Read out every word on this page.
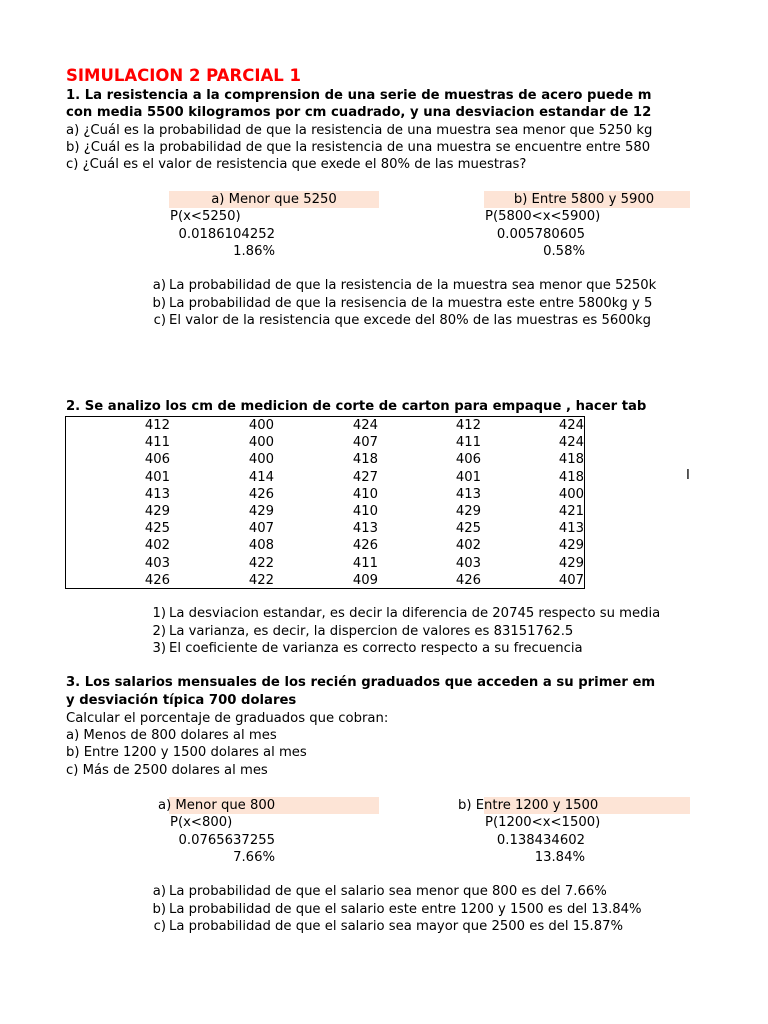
SIMULACION 2 PARCIAL 1
1. La resistencia a la comprension de una serie de muestras de acero puede m
con media 5500 kilogramos por cm cuadrado, y una desviacion estandar de 12
a) ¿Cuál es la probabilidad de que la resistencia de una muestra sea menor que 5250 kg
b) ¿Cuál es la probabilidad de que la resistencia de una muestra se encuentre entre 580
c) ¿Cuál es el valor de resistencia que exede el 80% de las muestras?
a) Menor que 5250
P(x<5250)
0.0186104252
1.86%
b) Entre 5800 y 5900
P(5800<x<5900)
0.005780605
0.58%
a) La probabilidad de que la resistencia de la muestra sea menor que 5250k
b) La probabilidad de que la resisencia de la muestra este entre 5800kg y 5
c) El valor de la resistencia que excede del 80% de las muestras es 5600kg
2. Se analizo los cm de medicion de corte de carton para empaque , hacer tab
412	400	424	412	424
411	400	407	411	424
406	400	418	406	418
401	414	427	401	418
413	426	410	413	400
429	429	410	429	421
425	407	413	425	413
402	408	426	402	429
403	422	411	403	429
426	422	409	426	407
I
1) La desviacion estandar, es decir la diferencia de 20745 respecto su media
2) La varianza, es decir, la dispercion de valores es 83151762.5
3) El coeficiente de varianza es correcto respecto a su frecuencia
3. Los salarios mensuales de los recién graduados que acceden a su primer em
y desviación típica 700 dolares
Calcular el porcentaje de graduados que cobran:
a) Menos de 800 dolares al mes
b) Entre 1200 y 1500 dolares al mes
c) Más de 2500 dolares al mes
a) Menor que 800
P(x<800)
0.0765637255
7.66%
b) Entre 1200 y 1500
P(1200<x<1500)
0.138434602
13.84%
a) La probabilidad de que el salario sea menor que 800 es del 7.66%
b) La probabilidad de que el salario este entre 1200 y 1500 es del 13.84%
c) La probabilidad de que el salario sea mayor que 2500 es del 15.87%
